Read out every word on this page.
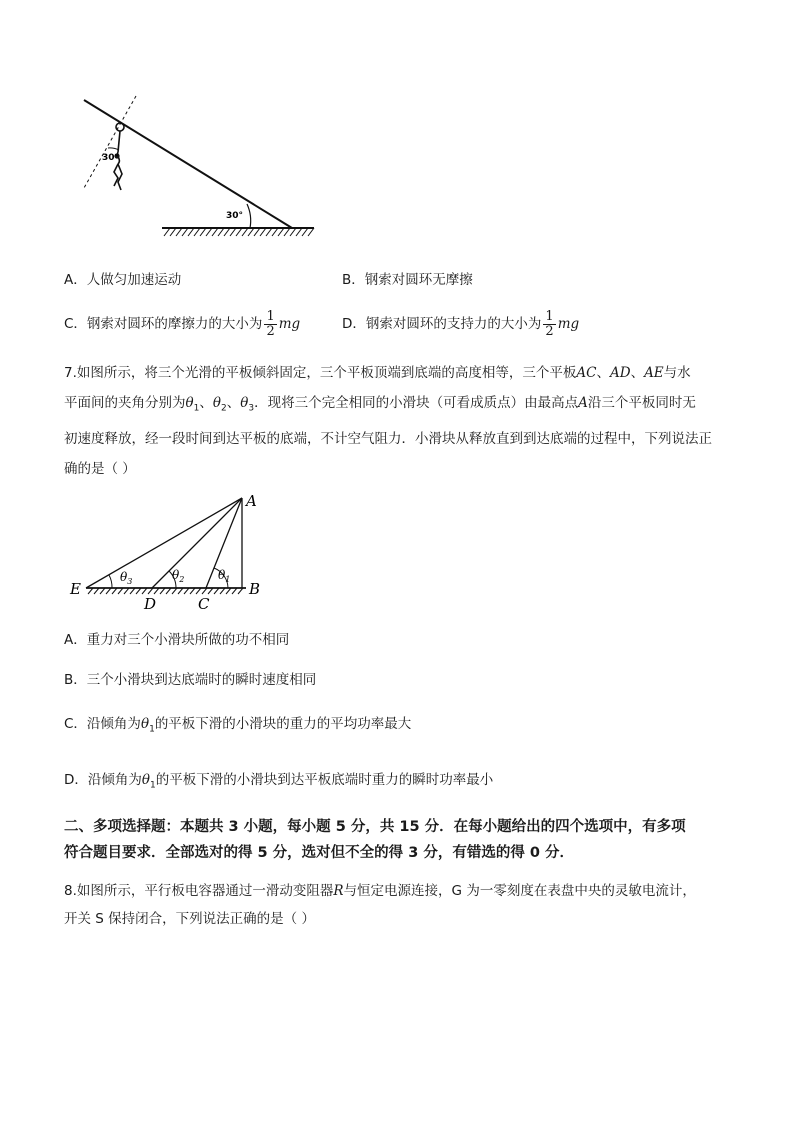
30°
30°
A．人做匀加速运动	B．钢索对圆环无摩擦
C．钢索对圆环的摩擦力的大小为 $\frac{1}{2}$ mg	D．钢索对圆环的支持力的大小为 $\frac{1}{2}$ mg
7.如图所示，将三个光滑的平板倾斜固定，三个平板顶端到底端的高度相等，三个平板AC、AD、AE与水
平面间的夹角分别为$\theta_1$、$\theta_2$、$\theta_3$．现将三个完全相同的小滑块（可看成质点）由最高点A沿三个平板同时无
初速度释放，经一段时间到达平板的底端，不计空气阻力．小滑块从释放直到到达底端的过程中，下列说法正
确的是（ ）
A
B
C
D
E
$\theta_3$	$\theta_2$	$\theta_1$
A．重力对三个小滑块所做的功不相同
B．三个小滑块到达底端时的瞬时速度相同
C．沿倾角为$\theta_1$的平板下滑的小滑块的重力的平均功率最大
D．沿倾角为$\theta_1$的平板下滑的小滑块到达平板底端时重力的瞬时功率最小
二、多项选择题：本题共 3 小题，每小题 5 分，共 15 分．在每小题给出的四个选项中，有多项
符合题目要求．全部选对的得 5 分，选对但不全的得 3 分，有错选的得 0 分．
8.如图所示，平行板电容器通过一滑动变阻器R与恒定电源连接，G 为一零刻度在表盘中央的灵敏电流计，
开关 S 保持闭合，下列说法正确的是（ ）
